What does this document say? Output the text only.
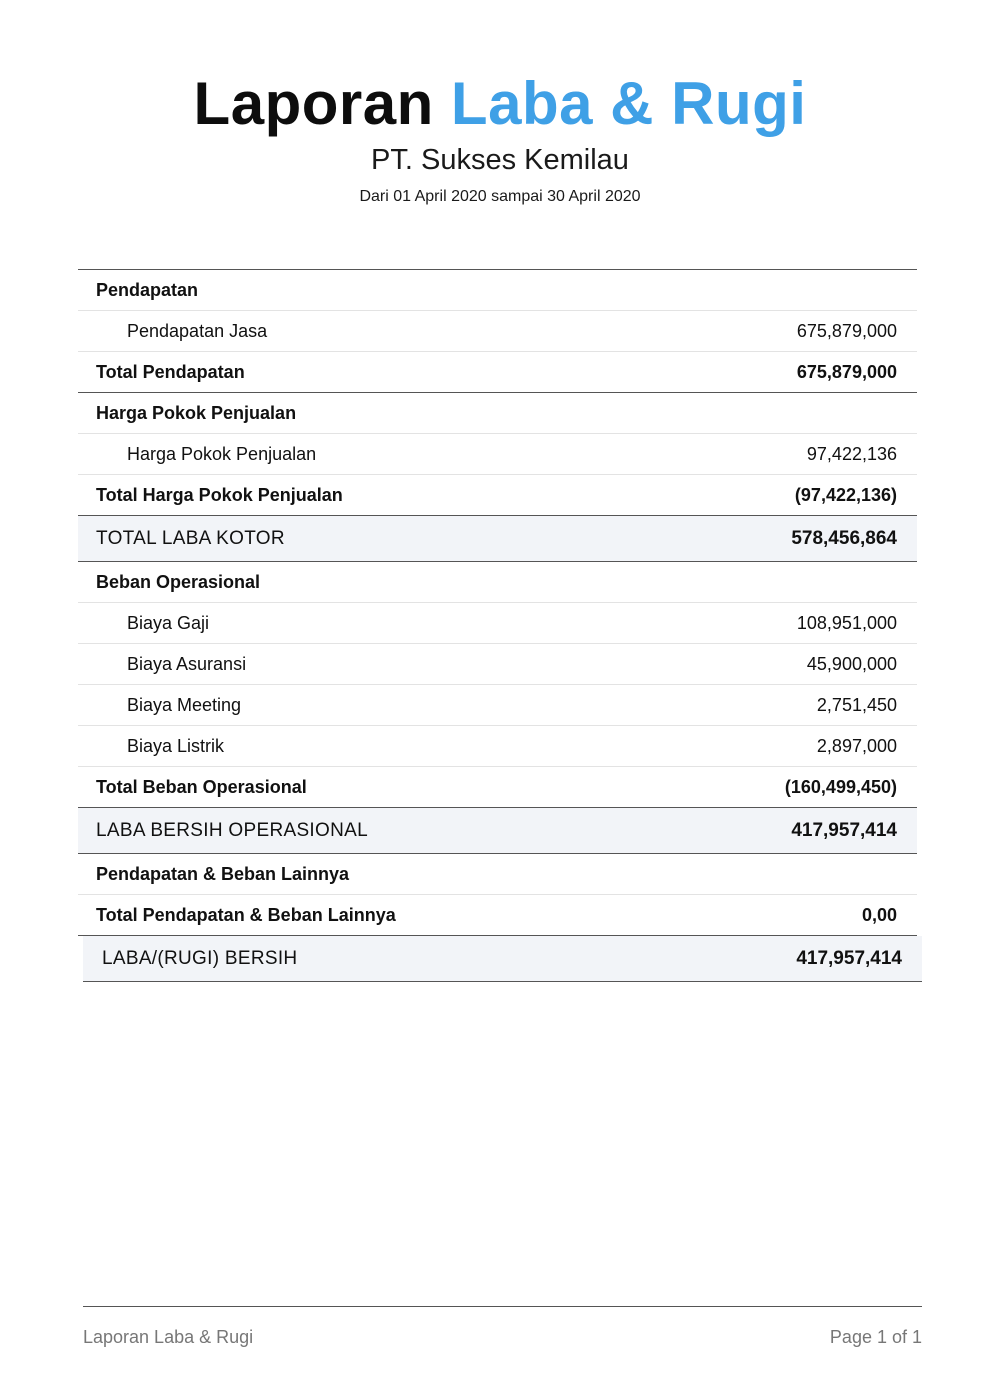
Laporan Laba & Rugi
PT. Sukses Kemilau
Dari 01 April 2020 sampai 30 April 2020
Pendapatan
Pendapatan Jasa	675,879,000
Total Pendapatan	675,879,000
Harga Pokok Penjualan
Harga Pokok Penjualan	97,422,136
Total Harga Pokok Penjualan	(97,422,136)
TOTAL LABA KOTOR	578,456,864
Beban Operasional
Biaya Gaji	108,951,000
Biaya Asuransi	45,900,000
Biaya Meeting	2,751,450
Biaya Listrik	2,897,000
Total Beban Operasional	(160,499,450)
LABA BERSIH OPERASIONAL	417,957,414
Pendapatan & Beban Lainnya
Total Pendapatan & Beban Lainnya	0,00
LABA/(RUGI) BERSIH	417,957,414
Laporan Laba & Rugi	Page 1 of 1
